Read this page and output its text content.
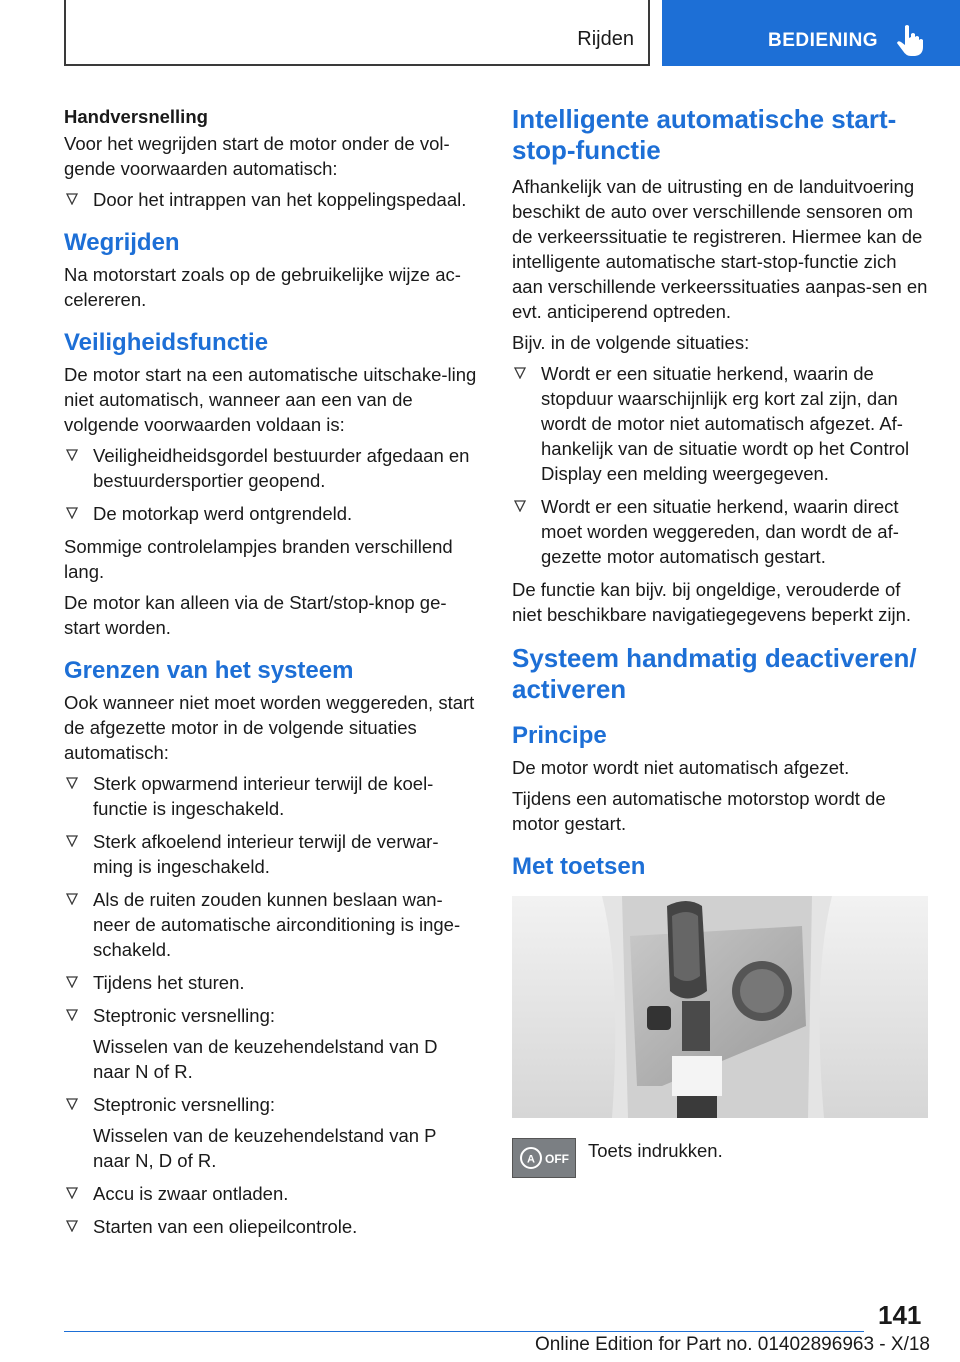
Rijden	BEDIENING
Handversnelling
Voor het wegrijden start de motor onder de vol-gende voorwaarden automatisch:
Door het intrappen van het koppelingspedaal.
Wegrijden
Na motorstart zoals op de gebruikelijke wijze ac-celereren.
Veiligheidsfunctie
De motor start na een automatische uitschake-ling niet automatisch, wanneer aan een van de volgende voorwaarden voldaan is:
Veiligheidheidsgordel bestuurder afgedaan en bestuurdersportier geopend.
De motorkap werd ontgrendeld.
Sommige controlelampjes branden verschillend lang.
De motor kan alleen via de Start/stop-knop ge-start worden.
Grenzen van het systeem
Ook wanneer niet moet worden weggereden, start de afgezette motor in de volgende situaties automatisch:
Sterk opwarmend interieur terwijl de koel-functie is ingeschakeld.
Sterk afkoelend interieur terwijl de verwar-ming is ingeschakeld.
Als de ruiten zouden kunnen beslaan wan-neer de automatische airconditioning is inge-schakeld.
Tijdens het sturen.
Steptronic versnelling:
Wisselen van de keuzehendelstand van D naar N of R.
Steptronic versnelling:
Wisselen van de keuzehendelstand van P naar N, D of R.
Accu is zwaar ontladen.
Starten van een oliepeilcontrole.
Intelligente automatische start-stop-functie
Afhankelijk van de uitrusting en de landuitvoering beschikt de auto over verschillende sensoren om de verkeerssituatie te registreren. Hiermee kan de intelligente automatische start-stop-functie zich aan verschillende verkeerssituaties aanpas-sen en evt. anticiperend optreden.
Bijv. in de volgende situaties:
Wordt er een situatie herkend, waarin de stopduur waarschijnlijk erg kort zal zijn, dan wordt de motor niet automatisch afgezet. Af-hankelijk van de situatie wordt op het Control Display een melding weergegeven.
Wordt er een situatie herkend, waarin direct moet worden weggereden, dan wordt de af-gezette motor automatisch gestart.
De functie kan bijv. bij ongeldige, verouderde of niet beschikbare navigatiegegevens beperkt zijn.
Systeem handmatig deactiveren/ activeren
Principe
De motor wordt niet automatisch afgezet.
Tijdens een automatische motorstop wordt de motor gestart.
Met toetsen
A OFF Toets indrukken.
141
Online Edition for Part no. 01402896963 - X/18
